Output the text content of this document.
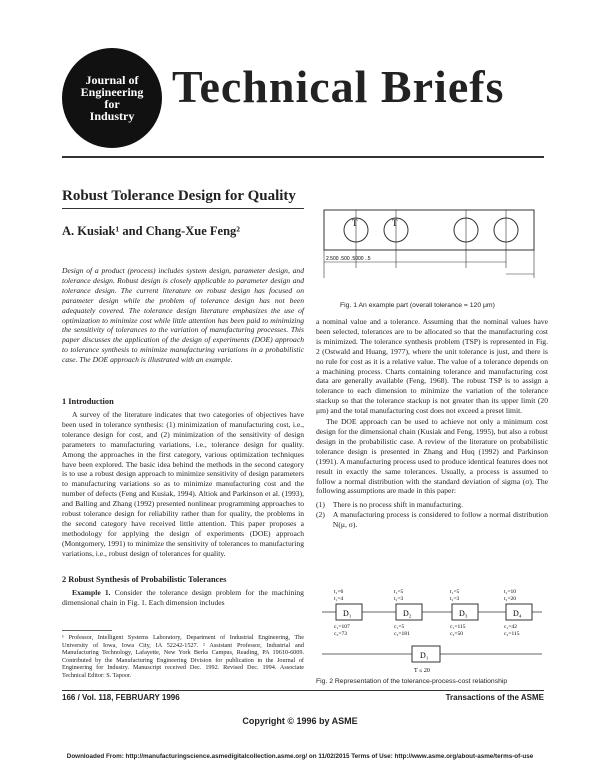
Journal of
Engineering
for
Industry
Technical Briefs
Robust Tolerance Design for Quality
A. Kusiak¹ and Chang-Xue Feng²
Design of a product (process) includes system design, parameter design, and tolerance design. Robust design is closely applicable to parameter design and tolerance design. The current literature on robust design has focused on parameter design while the problem of tolerance design has not been adequately covered. The tolerance design literature emphasizes the use of optimization to minimize cost while little attention has been paid to minimizing the sensitivity of tolerances to the variation of manufacturing processes. This paper discusses the application of the design of experiments (DOE) approach to tolerance synthesis to minimize manufacturing variations in a probabilistic case. The DOE approach is illustrated with an example.
1 Introduction

A survey of the literature indicates that two categories of objectives have been used in tolerance synthesis: (1) minimization of manufacturing cost, i.e., tolerance design for cost, and (2) minimization of the sensitivity of design parameters to manufacturing variations, i.e., tolerance design for quality. Among the approaches in the first category, various optimization techniques have been explored. The basic idea behind the methods in the second category is to use a robust design approach to minimize sensitivity of design parameters to manufacturing variations so as to minimize manufacturing cost and the number of defects (Feng and Kusiak, 1994). Altiok and Parkinson et al. (1993), and Balling and Zhang (1992) presented nonlinear programming approaches to robust tolerance design for reliability rather than for quality, the problems in the second category have received little attention. This paper proposes a methodology for applying the design of experiments (DOE) approach (Montgomery, 1991) to minimize the sensitivity of tolerances to manufacturing variations, i.e., robust design of tolerances for quality.

2 Robust Synthesis of Probabilistic Tolerances

Example 1. Consider the tolerance design problem for the machining dimensional chain in Fig. 1. Each dimension includes

¹ Professor, Intelligent Systems Laboratory, Department of Industrial Engineering, The University of Iowa, Iowa City, IA 52242-1527. ² Assistant Professor, Industrial and Manufacturing Technology, Lafayette, New York Berks Campus, Reading, PA 19610-6009. Contributed by the Manufacturing Engineering Division for publication in the Journal of Engineering for Industry. Manuscript received Dec. 1992. Revised Dec. 1994. Associate Technical Editor: S. Tapoor.
T	T
2.500 .500 .5000 ..5
Fig. 1 An example part (overall tolerance = 120 μm)

a nominal value and a tolerance. Assuming that the nominal values have been selected, tolerances are to be allocated so that the manufacturing cost is minimized. The tolerance synthesis problem (TSP) is represented in Fig. 2 (Ostwald and Huang, 1977), where the unit tolerance is just, and there is no rule for cost as it is a relative value. The value of a tolerance depends on a machining process. Charts containing tolerance and manufacturing cost data are generally available (Feng, 1968). The robust TSP is to assign a tolerance to each dimension to minimize the variation of the tolerance stackup so that the tolerance stackup is not greater than its upper limit (20 μm) and the total manufacturing cost does not exceed a preset limit.

The DOE approach can be used to achieve not only a minimum cost design for the dimensional chain (Kusiak and Feng, 1995), but also a robust design in the probabilistic case. A review of the literature on probabilistic tolerance design is presented in Zhang and Huq (1992) and Parkinson (1991). A manufacturing process used to produce identical features does not result in exactly the same tolerances. Usually, a process is assumed to follow a normal distribution with the standard deviation of sigma (σ). The following assumptions are made in this paper:

(1) There is no process shift in manufacturing.

(2) A manufacturing process is considered to follow a normal distribution N(μ, σ).

D₁	D₂	D₃	D₄
t₁=6
t₁=4
c₁=107
c₂=73
t₁=5
t₂=3
c₁=5
c₂=181
t₁=5
t₂=3
c₁=115
c₂=50
t₁=10
t₂=20
c₁=42
c₂=115
D₁
T ≤ 20
Fig. 2 Representation of the tolerance-process-cost relationship
166 / Vol. 118, FEBRUARY 1996	Transactions of the ASME
Copyright © 1996 by ASME
Downloaded From: http://manufacturingscience.asmedigitalcollection.asme.org/ on 11/02/2015 Terms of Use: http://www.asme.org/about-asme/terms-of-use
